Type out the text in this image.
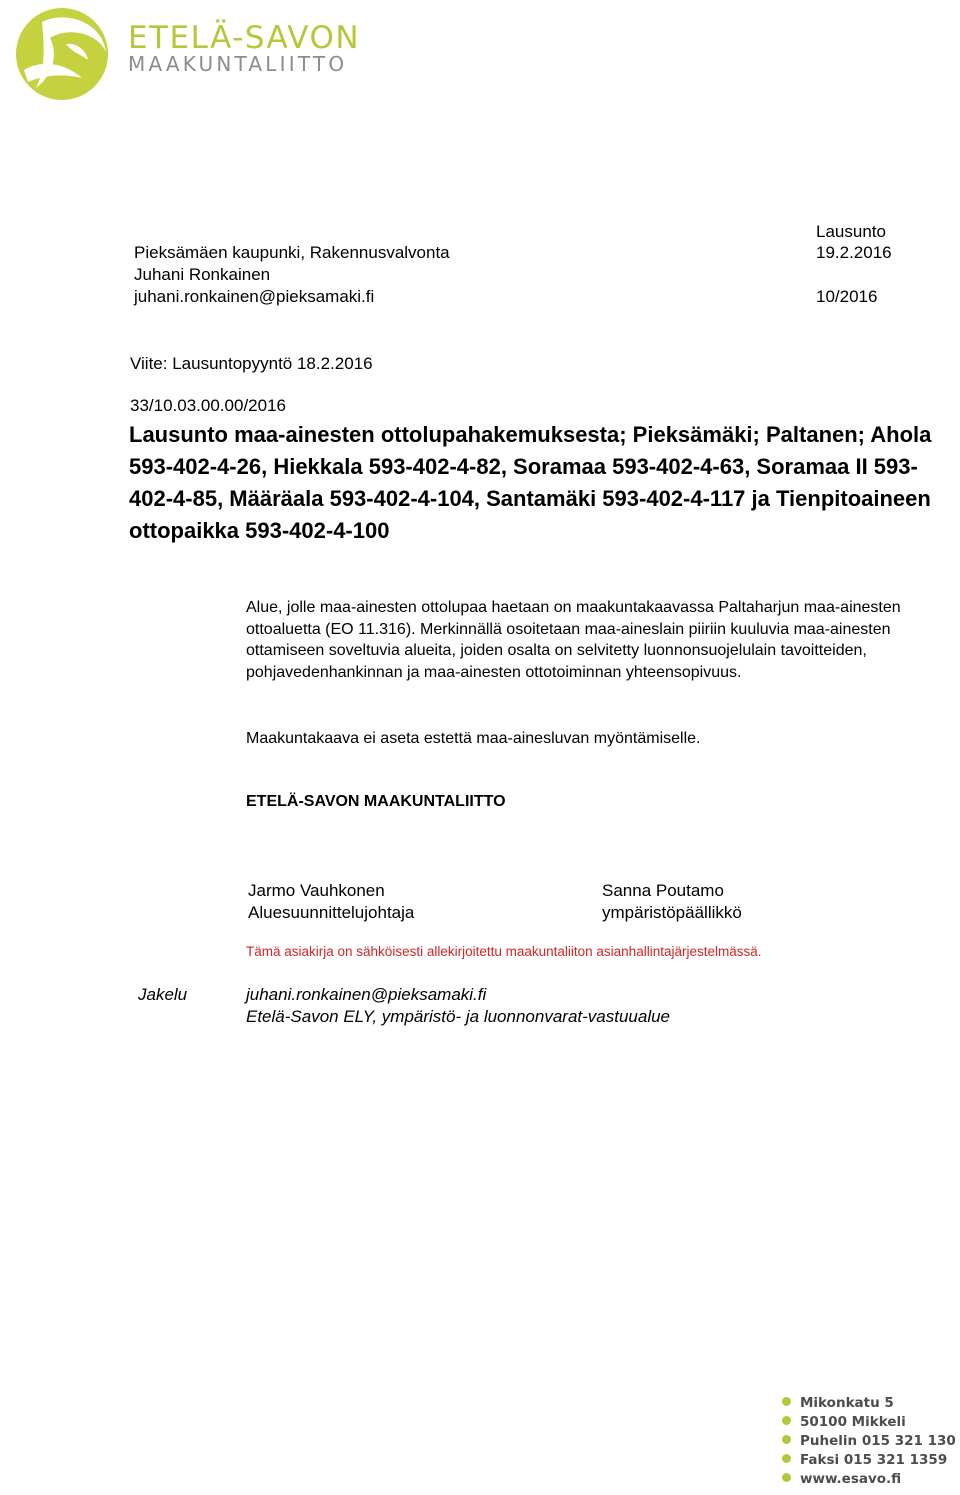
ETELÄ-SAVON
MAAKUNTALIITTO
Pieksämäen kaupunki, Rakennusvalvonta
Juhani Ronkainen
juhani.ronkainen@pieksamaki.fi
Lausunto
19.2.2016
10/2016
Viite: Lausuntopyyntö 18.2.2016
33/10.03.00.00/2016
Lausunto maa-ainesten ottolupahakemuksesta; Pieksämäki; Paltanen; Ahola 593-402-4-26, Hiekkala 593-402-4-82, Soramaa 593-402-4-63, Soramaa II 593-402-4-85, Määräala 593-402-4-104, Santamäki 593-402-4-117 ja Tienpitoaineen ottopaikka 593-402-4-100
Alue, jolle maa-ainesten ottolupaa haetaan on maakuntakaavassa Paltaharjun maa-ainesten ottoaluetta (EO 11.316). Merkinnällä osoitetaan maa-aineslain piiriin kuuluvia maa-ainesten ottamiseen soveltuvia alueita, joiden osalta on selvitetty luonnonsuojelulain tavoitteiden, pohjavedenhankinnan ja maa-ainesten ottotoiminnan yhteensopivuus.
Maakuntakaava ei aseta estettä maa-ainesluvan myöntämiselle.
ETELÄ-SAVON MAAKUNTALIITTO
Jarmo Vauhkonen
Aluesuunnittelujohtaja
Sanna Poutamo
ympäristöpäällikkö
Tämä asiakirja on sähköisesti allekirjoitettu maakuntaliiton asianhallintajärjestelmässä.
Jakelu	juhani.ronkainen@pieksamaki.fi
Etelä-Savon ELY, ympäristö- ja luonnonvarat-vastuualue
Mikonkatu 5
50100 Mikkeli
Puhelin 015 321 130
Faksi 015 321 1359
www.esavo.fi
